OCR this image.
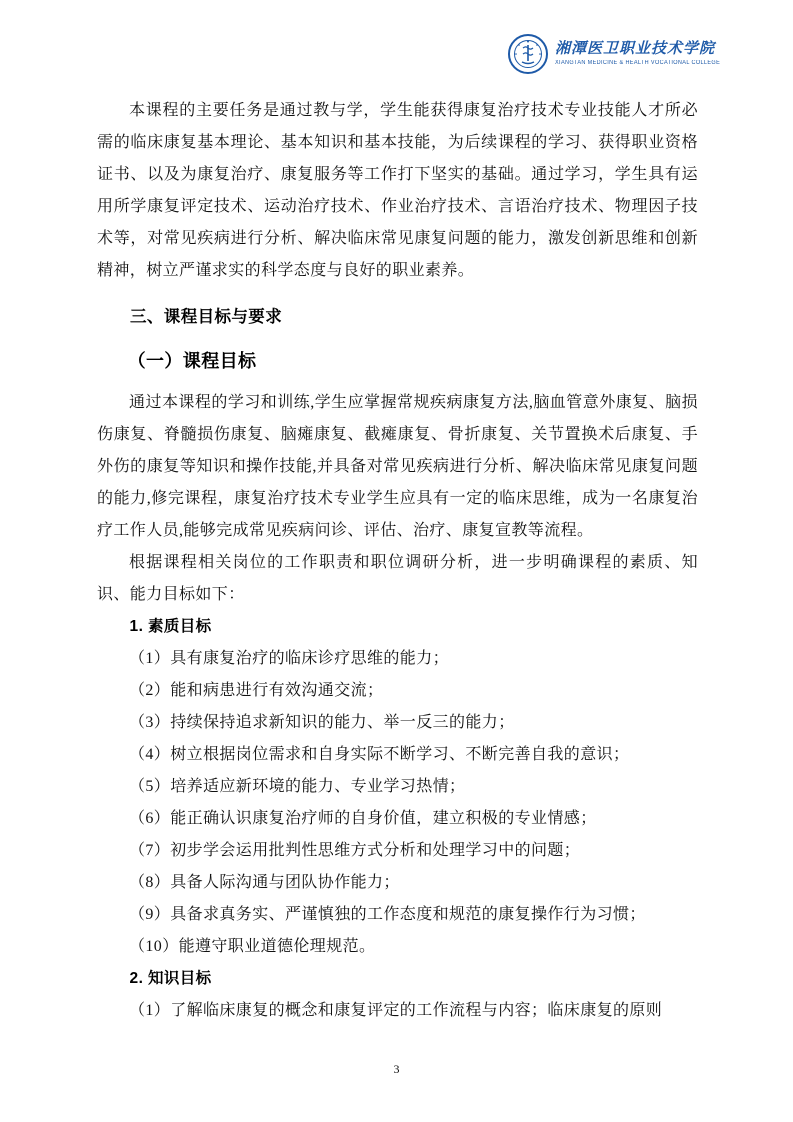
湘潭医卫职业技术学院
XIANGTAN MEDICINE & HEALTH VOCATIONAL COLLEGE

本课程的主要任务是通过教与学，学生能获得康复治疗技术专业技能人才所必需的临床康复基本理论、基本知识和基本技能，为后续课程的学习、获得职业资格证书、以及为康复治疗、康复服务等工作打下坚实的基础。通过学习，学生具有运用所学康复评定技术、运动治疗技术、作业治疗技术、言语治疗技术、物理因子技术等，对常见疾病进行分析、解决临床常见康复问题的能力，激发创新思维和创新精神，树立严谨求实的科学态度与良好的职业素养。

三、课程目标与要求
（一）课程目标

通过本课程的学习和训练,学生应掌握常规疾病康复方法,脑血管意外康复、脑损伤康复、脊髓损伤康复、脑瘫康复、截瘫康复、骨折康复、关节置换术后康复、手外伤的康复等知识和操作技能,并具备对常见疾病进行分析、解决临床常见康复问题的能力,修完课程，康复治疗技术专业学生应具有一定的临床思维，成为一名康复治疗工作人员,能够完成常见疾病问诊、评估、治疗、康复宣教等流程。

根据课程相关岗位的工作职责和职位调研分析，进一步明确课程的素质、知识、能力目标如下：

1. 素质目标

（1）具有康复治疗的临床诊疗思维的能力；

（2）能和病患进行有效沟通交流；

（3）持续保持追求新知识的能力、举一反三的能力；

（4）树立根据岗位需求和自身实际不断学习、不断完善自我的意识；

（5）培养适应新环境的能力、专业学习热情；

（6）能正确认识康复治疗师的自身价值，建立积极的专业情感；

（7）初步学会运用批判性思维方式分析和处理学习中的问题；

（8）具备人际沟通与团队协作能力；

（9）具备求真务实、严谨慎独的工作态度和规范的康复操作行为习惯；

（10）能遵守职业道德伦理规范。

2. 知识目标

（1）了解临床康复的概念和康复评定的工作流程与内容；临床康复的原则

3
